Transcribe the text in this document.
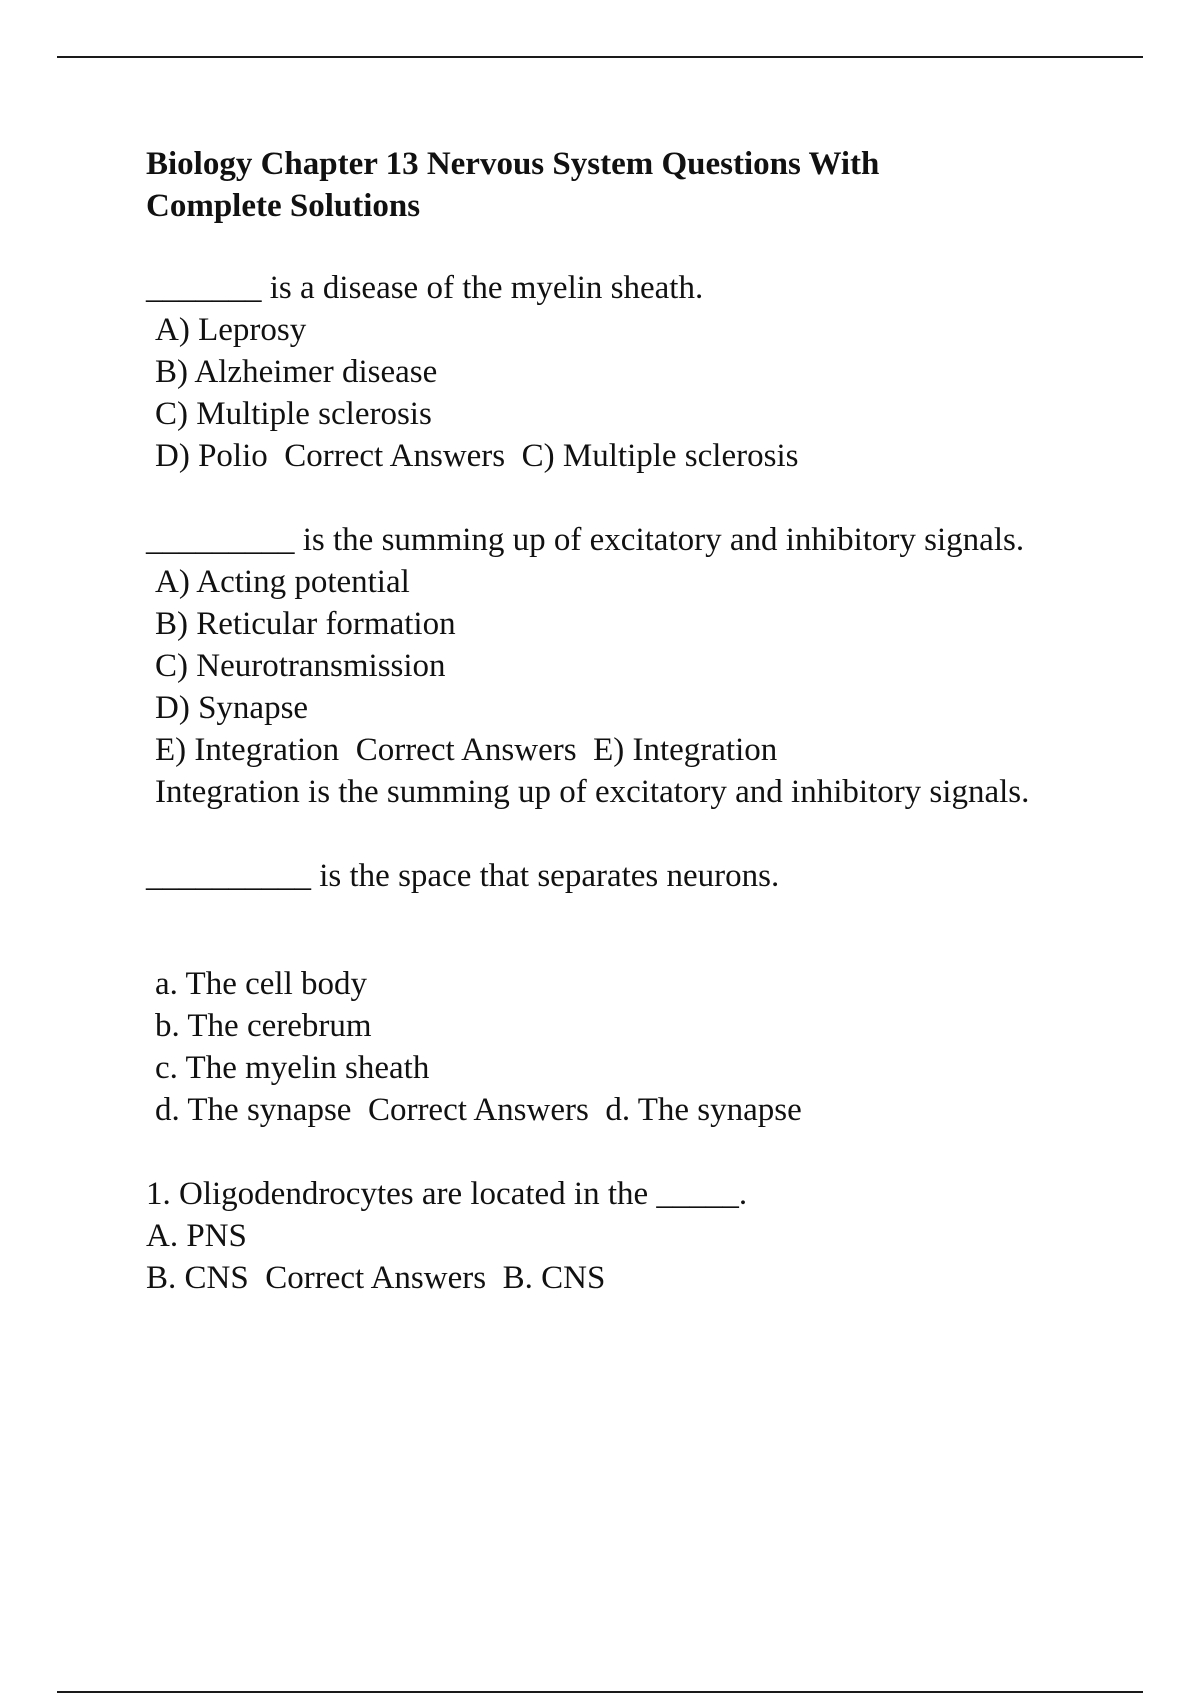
Biology Chapter 13 Nervous System Questions With
Complete Solutions

_______ is a disease of the myelin sheath.

A) Leprosy

B) Alzheimer disease

C) Multiple sclerosis

D) Polio Correct Answers C) Multiple sclerosis

_________ is the summing up of excitatory and inhibitory signals.

A) Acting potential

B) Reticular formation

C) Neurotransmission

D) Synapse

E) Integration Correct Answers E) Integration

Integration is the summing up of excitatory and inhibitory signals.

__________ is the space that separates neurons.

a. The cell body

b. The cerebrum

c. The myelin sheath

d. The synapse Correct Answers d. The synapse

1. Oligodendrocytes are located in the _____.

A. PNS

B. CNS Correct Answers B. CNS
